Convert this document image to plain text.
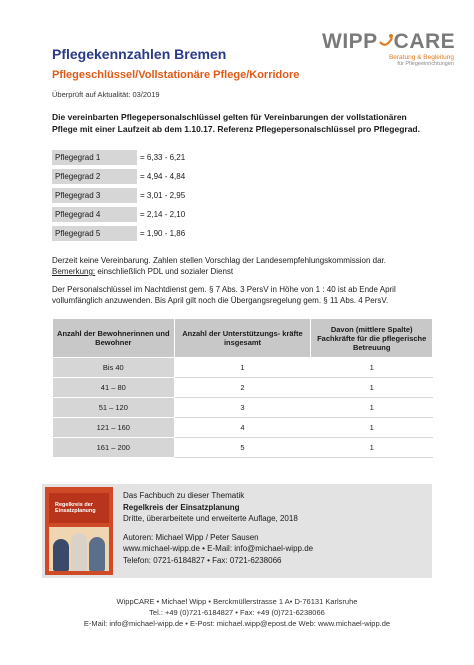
WIPP CARE
Beratung & Begleitung
für Pflegeeinrichtungen
Pflegekennzahlen Bremen
Pflegeschlüssel/Vollstationäre Pflege/Korridore
Überprüft auf Aktualität: 03/2019
Die vereinbarten Pflegepersonalschlüssel gelten für Vereinbarungen der vollstationären Pflege mit einer Laufzeit ab dem 1.10.17. Referenz Pflegepersonalschlüssel pro Pflegegrad.
Pflegegrad 1	= 6,33 - 6,21
Pflegegrad 2	= 4,94 - 4,84
Pflegegrad 3	= 3,01 - 2,95
Pflegegrad 4	= 2,14 - 2,10
Pflegegrad 5	= 1,90 - 1,86
Derzeit keine Vereinbarung. Zahlen stellen Vorschlag der Landesempfehlungskommission dar.
Bemerkung: einschließlich PDL und sozialer Dienst
Der Personalschlüssel im Nachtdienst gem. § 7 Abs. 3 PersV in Höhe von 1 : 40 ist ab Ende April vollumfänglich anzuwenden. Bis April gilt noch die Übergangsregelung gem. § 11 Abs. 4 PersV.
Anzahl der Bewohnerinnen und Bewohner	Anzahl der Unterstützungs- kräfte insgesamt	Davon (mittlere Spalte) Fachkräfte für die pflegerische Betreuung
Bis 40	1	1
41 – 80	2	1
51 – 120	3	1
121 – 160	4	1
161 – 200	5	1
Regelkreis der Einsatzplanung
Das Fachbuch zu dieser Thematik
Regelkreis der Einsatzplanung
Dritte, überarbeitete und erweiterte Auflage, 2018
Autoren: Michael Wipp / Peter Sausen
www.michael-wipp.de • E-Mail: info@michael-wipp.de
Telefon: 0721-6184827 • Fax: 0721-6238066
WippCARE • Michael Wipp • Berckmüllerstrasse 1 A• D-76131 Karlsruhe
Tel.: +49 (0)721-6184827 • Fax: +49 (0)721-6238066
E-Mail: info@michael-wipp.de • E-Post: michael.wipp@epost.de Web: www.michael-wipp.de
